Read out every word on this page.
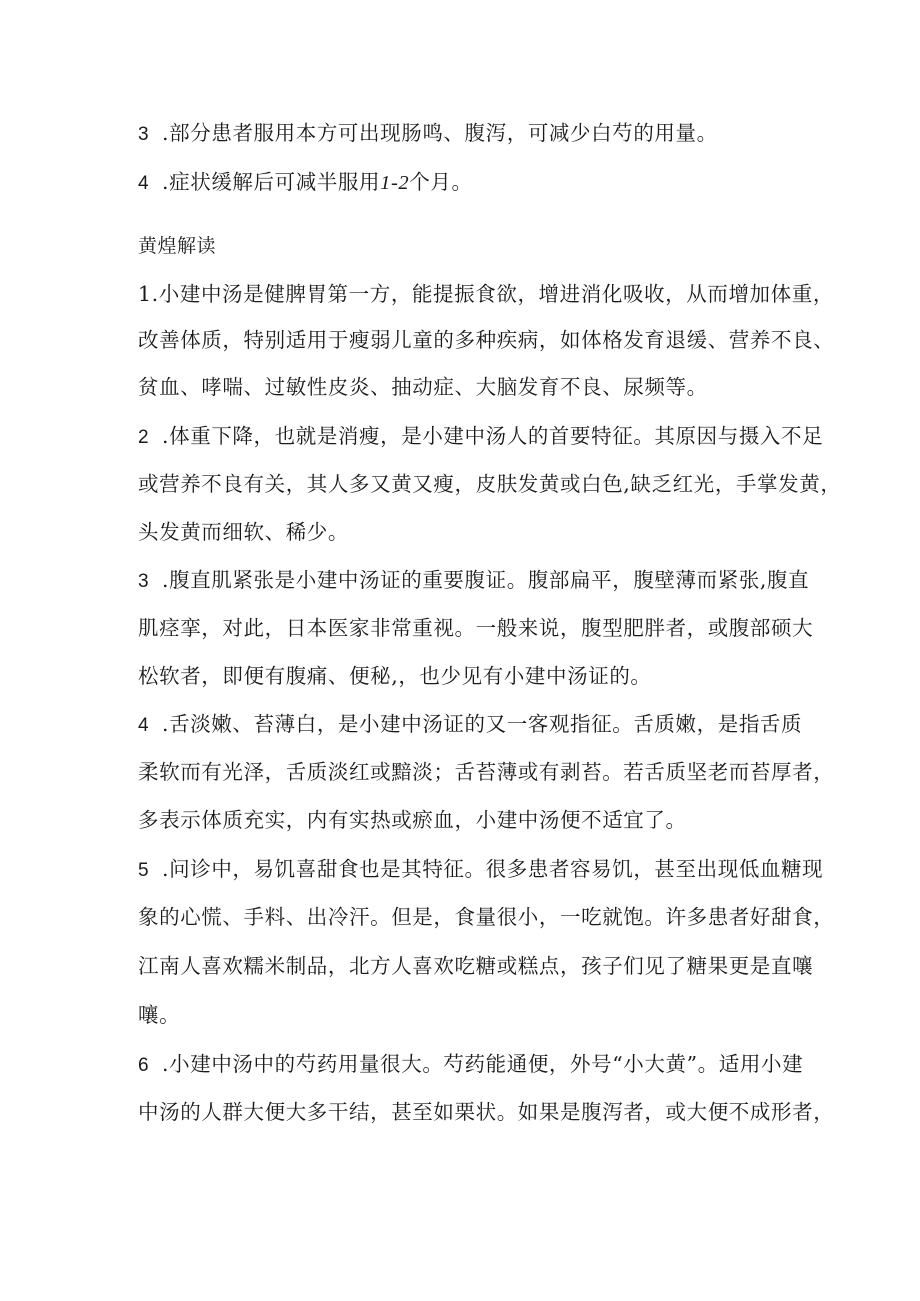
3 .部分患者服用本方可出现肠鸣、腹泻，可减少白芍的用量。
4 .症状缓解后可减半服用1-2个月。
黄煌解读
1.小建中汤是健脾胃第一方，能提振食欲，增进消化吸收，从而增加体重，
改善体质，特别适用于瘦弱儿童的多种疾病，如体格发育退缓、营养不良、
贫血、哮喘、过敏性皮炎、抽动症、大脑发育不良、尿频等。
2 .体重下降，也就是消瘦，是小建中汤人的首要特征。其原因与摄入不足
或营养不良有关，其人多又黄又瘦，皮肤发黄或白色,缺乏红光，手掌发黄，
头发黄而细软、稀少。
3 .腹直肌紧张是小建中汤证的重要腹证。腹部扁平，腹壁薄而紧张,腹直
肌痉挛，对此，日本医家非常重视。一般来说，腹型肥胖者，或腹部硕大
松软者，即便有腹痛、便秘,，也少见有小建中汤证的。
4 .舌淡嫩、苔薄白，是小建中汤证的又一客观指征。舌质嫩，是指舌质
柔软而有光泽，舌质淡红或黯淡；舌苔薄或有剥苔。若舌质坚老而苔厚者，
多表示体质充实，内有实热或瘀血，小建中汤便不适宜了。
5 .问诊中，易饥喜甜食也是其特征。很多患者容易饥，甚至出现低血糖现
象的心慌、手料、出冷汗。但是，食量很小，一吃就饱。许多患者好甜食，
江南人喜欢糯米制品，北方人喜欢吃糖或糕点，孩子们见了糖果更是直嚷
嚷。
6 .小建中汤中的芍药用量很大。芍药能通便，外号“小大黄”。适用小建
中汤的人群大便大多干结，甚至如栗状。如果是腹泻者，或大便不成形者，
